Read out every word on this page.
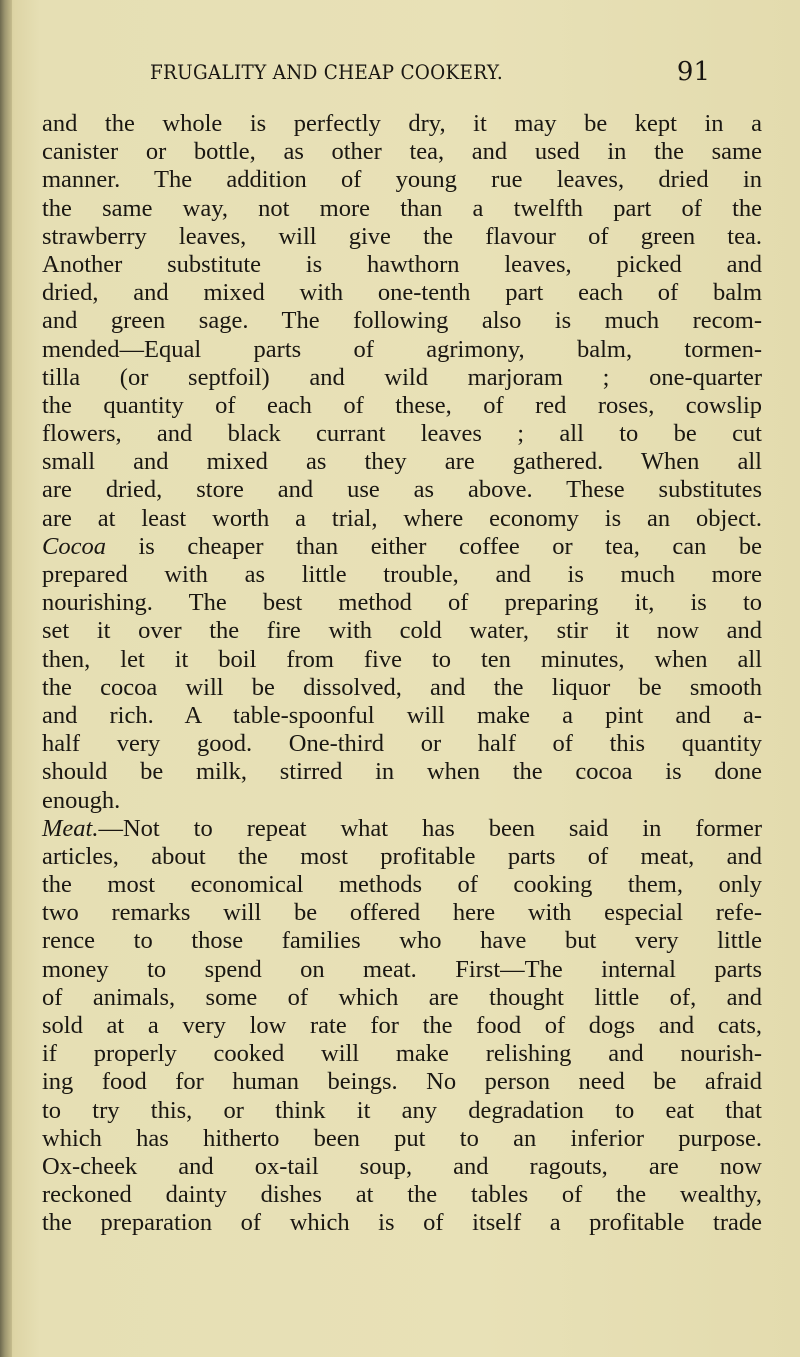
FRUGALITY AND CHEAP COOKERY.	91
and the whole is perfectly dry, it may be kept in a
canister or bottle, as other tea, and used in the same
manner. The addition of young rue leaves, dried in
the same way, not more than a twelfth part of the
strawberry leaves, will give the flavour of green tea.
Another substitute is hawthorn leaves, picked and
dried, and mixed with one-tenth part each of balm
and green sage. The following also is much recom-
mended—Equal parts of agrimony, balm, tormen-
tilla (or septfoil) and wild marjoram ; one-quarter
the quantity of each of these, of red roses, cowslip
flowers, and black currant leaves ; all to be cut
small and mixed as they are gathered. When all
are dried, store and use as above. These substitutes
are at least worth a trial, where economy is an object.
Cocoa is cheaper than either coffee or tea, can be
prepared with as little trouble, and is much more
nourishing. The best method of preparing it, is to
set it over the fire with cold water, stir it now and
then, let it boil from five to ten minutes, when all
the cocoa will be dissolved, and the liquor be smooth
and rich. A table-spoonful will make a pint and a-
half very good. One-third or half of this quantity
should be milk, stirred in when the cocoa is done
enough.
Meat.—Not to repeat what has been said in former
articles, about the most profitable parts of meat, and
the most economical methods of cooking them, only
two remarks will be offered here with especial refe-
rence to those families who have but very little
money to spend on meat. First—The internal parts
of animals, some of which are thought little of, and
sold at a very low rate for the food of dogs and cats,
if properly cooked will make relishing and nourish-
ing food for human beings. No person need be afraid
to try this, or think it any degradation to eat that
which has hitherto been put to an inferior purpose.
Ox-cheek and ox-tail soup, and ragouts, are now
reckoned dainty dishes at the tables of the wealthy,
the preparation of which is of itself a profitable trade
